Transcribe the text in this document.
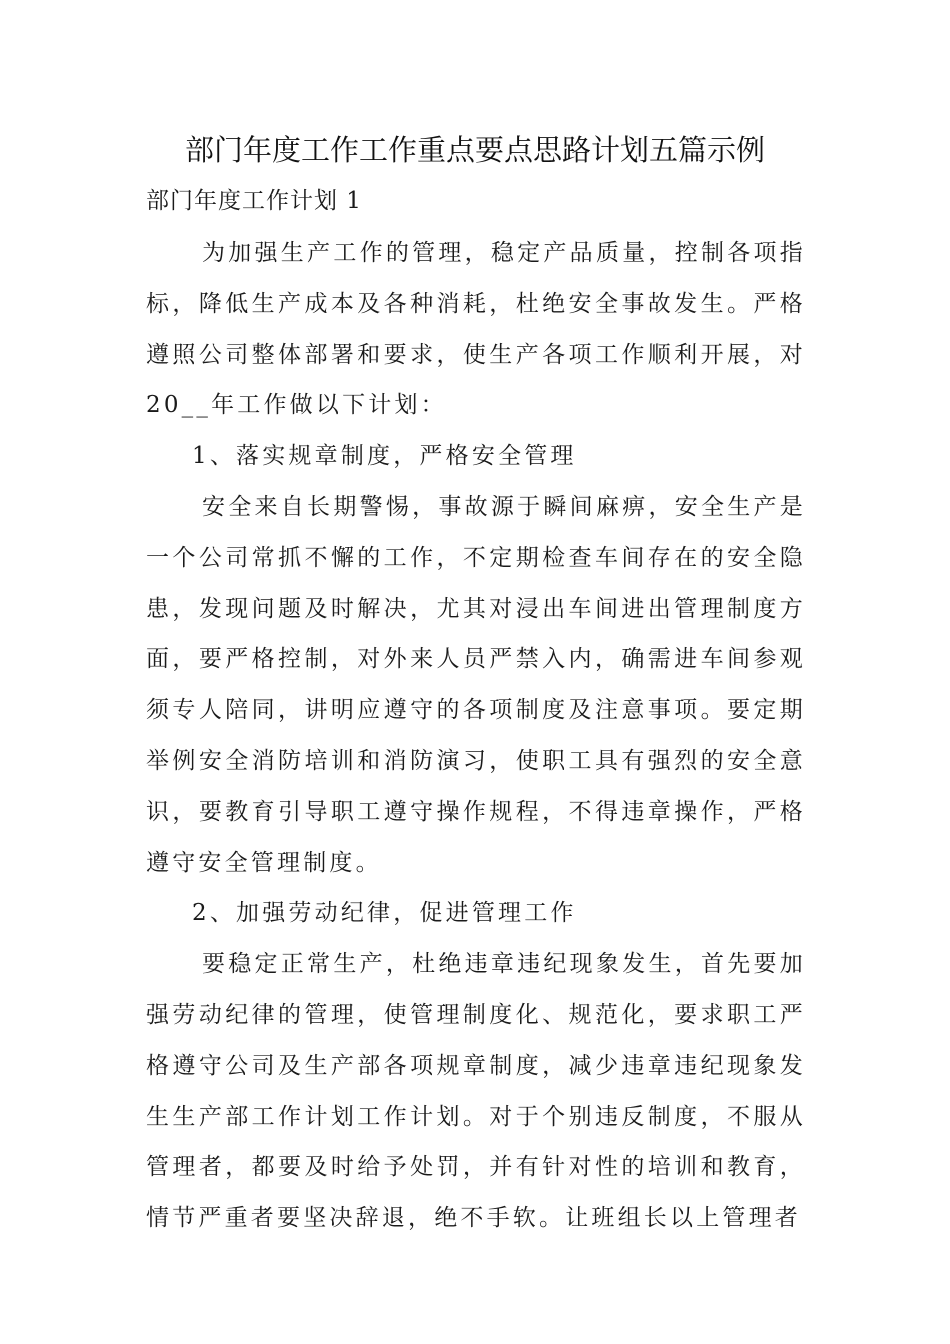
部门年度工作工作重点要点思路计划五篇示例
部门年度工作计划 1

为加强生产工作的管理，稳定产品质量，控制各项指标，降低生产成本及各种消耗，杜绝安全事故发生。严格遵照公司整体部署和要求，使生产各项工作顺利开展，对 20__年工作做以下计划：

1、落实规章制度，严格安全管理

安全来自长期警惕，事故源于瞬间麻痹，安全生产是一个公司常抓不懈的工作，不定期检查车间存在的安全隐患，发现问题及时解决，尤其对浸出车间进出管理制度方面，要严格控制，对外来人员严禁入内，确需进车间参观须专人陪同，讲明应遵守的各项制度及注意事项。要定期举例安全消防培训和消防演习，使职工具有强烈的安全意识，要教育引导职工遵守操作规程，不得违章操作，严格遵守安全管理制度。

2、加强劳动纪律，促进管理工作

要稳定正常生产，杜绝违章违纪现象发生，首先要加强劳动纪律的管理，使管理制度化、规范化，要求职工严格遵守公司及生产部各项规章制度，减少违章违纪现象发生生产部工作计划工作计划。对于个别违反制度，不服从管理者，都要及时给予处罚，并有针对性的培训和教育，情节严重者要坚决辞退，绝不手软。让班组长以上管理者
